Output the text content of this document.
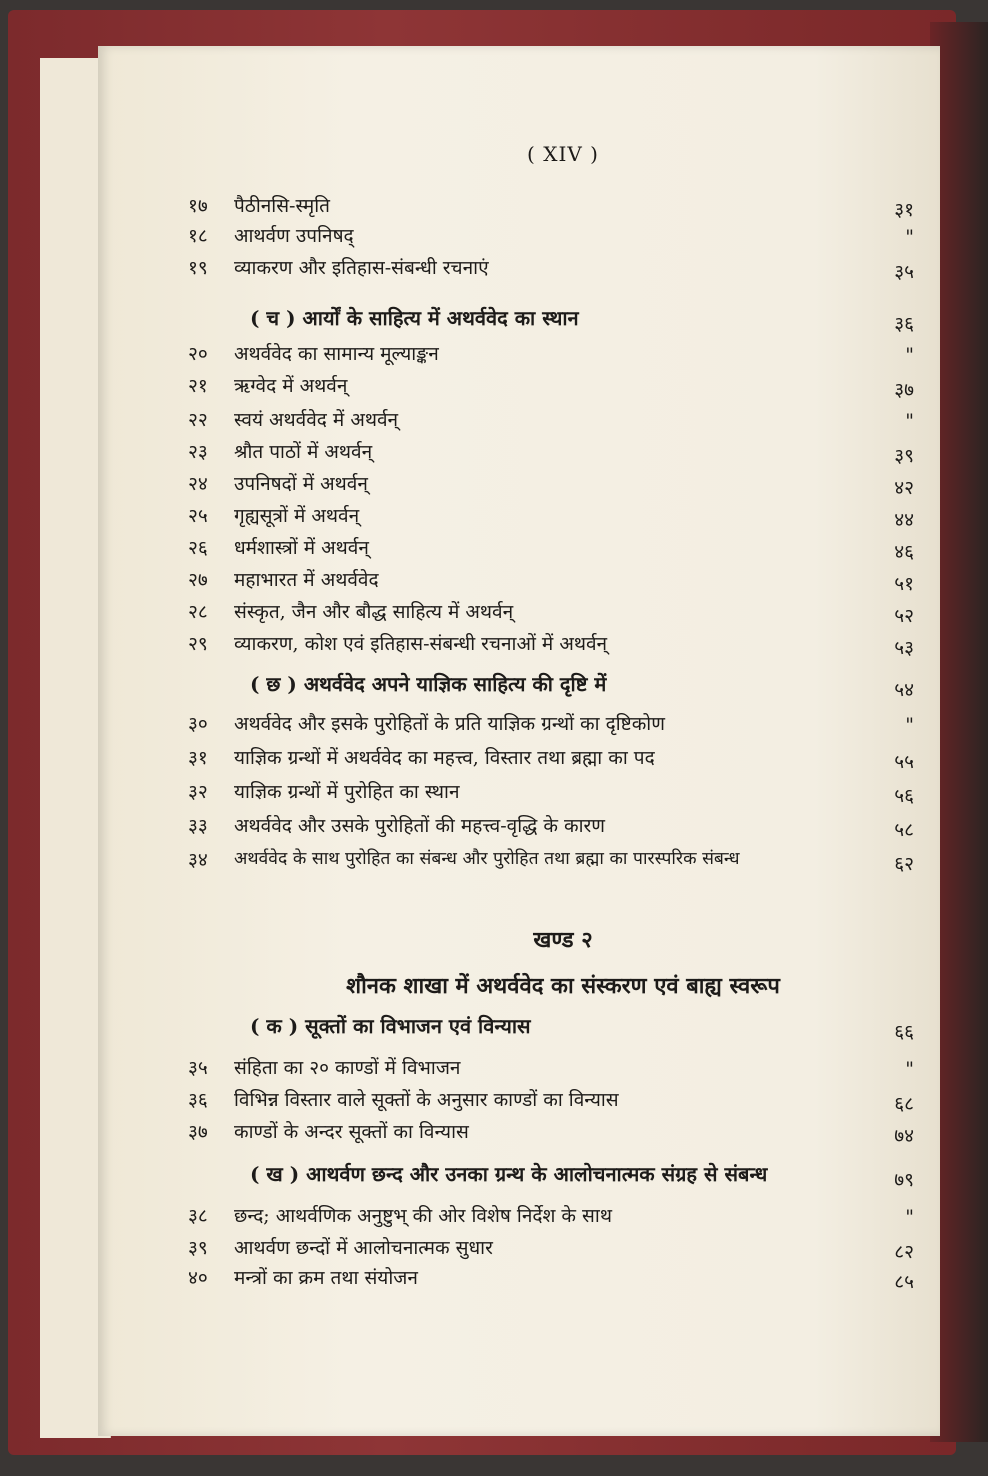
( XIV )
१७ पैठीनसि-स्मृति	३१
१८ आथर्वण उपनिषद्	"
१९ व्याकरण और इतिहास-संबन्धी रचनाएं	३५
( च ) आर्यों के साहित्य में अथर्ववेद का स्थान	३६
२० अथर्ववेद का सामान्य मूल्याङ्कन	"
२१ ऋग्वेद में अथर्वन्	३७
२२ स्वयं अथर्ववेद में अथर्वन्	"
२३ श्रौत पाठों में अथर्वन्	३९
२४ उपनिषदों में अथर्वन्	४२
२५ गृह्यसूत्रों में अथर्वन्	४४
२६ धर्मशास्त्रों में अथर्वन्	४६
२७ महाभारत में अथर्ववेद	५१
२८ संस्कृत, जैन और बौद्ध साहित्य में अथर्वन्	५२
२९ व्याकरण, कोश एवं इतिहास-संबन्धी रचनाओं में अथर्वन्	५३
( छ ) अथर्ववेद अपने याज्ञिक साहित्य की दृष्टि में	५४
३० अथर्ववेद और इसके पुरोहितों के प्रति याज्ञिक ग्रन्थों का दृष्टिकोण	"
३१ याज्ञिक ग्रन्थों में अथर्ववेद का महत्त्व, विस्तार तथा ब्रह्मा का पद	५५
३२ याज्ञिक ग्रन्थों में पुरोहित का स्थान	५६
३३ अथर्ववेद और उसके पुरोहितों की महत्त्व-वृद्धि के कारण	५८
३४ अथर्ववेद के साथ पुरोहित का संबन्ध और पुरोहित तथा ब्रह्मा का पारस्परिक संबन्ध	६२
खण्ड २
शौनक शाखा में अथर्ववेद का संस्करण एवं बाह्य स्वरूप
( क ) सूक्तों का विभाजन एवं विन्यास	६६
३५ संहिता का २० काण्डों में विभाजन	"
३६ विभिन्न विस्तार वाले सूक्तों के अनुसार काण्डों का विन्यास	६८
३७ काण्डों के अन्दर सूक्तों का विन्यास	७४
( ख ) आथर्वण छन्द और उनका ग्रन्थ के आलोचनात्मक संग्रह से संबन्ध	७९
३८ छन्द; आथर्वणिक अनुष्टुभ् की ओर विशेष निर्देश के साथ	"
३९ आथर्वण छन्दों में आलोचनात्मक सुधार	८२
४० मन्त्रों का क्रम तथा संयोजन	८५
